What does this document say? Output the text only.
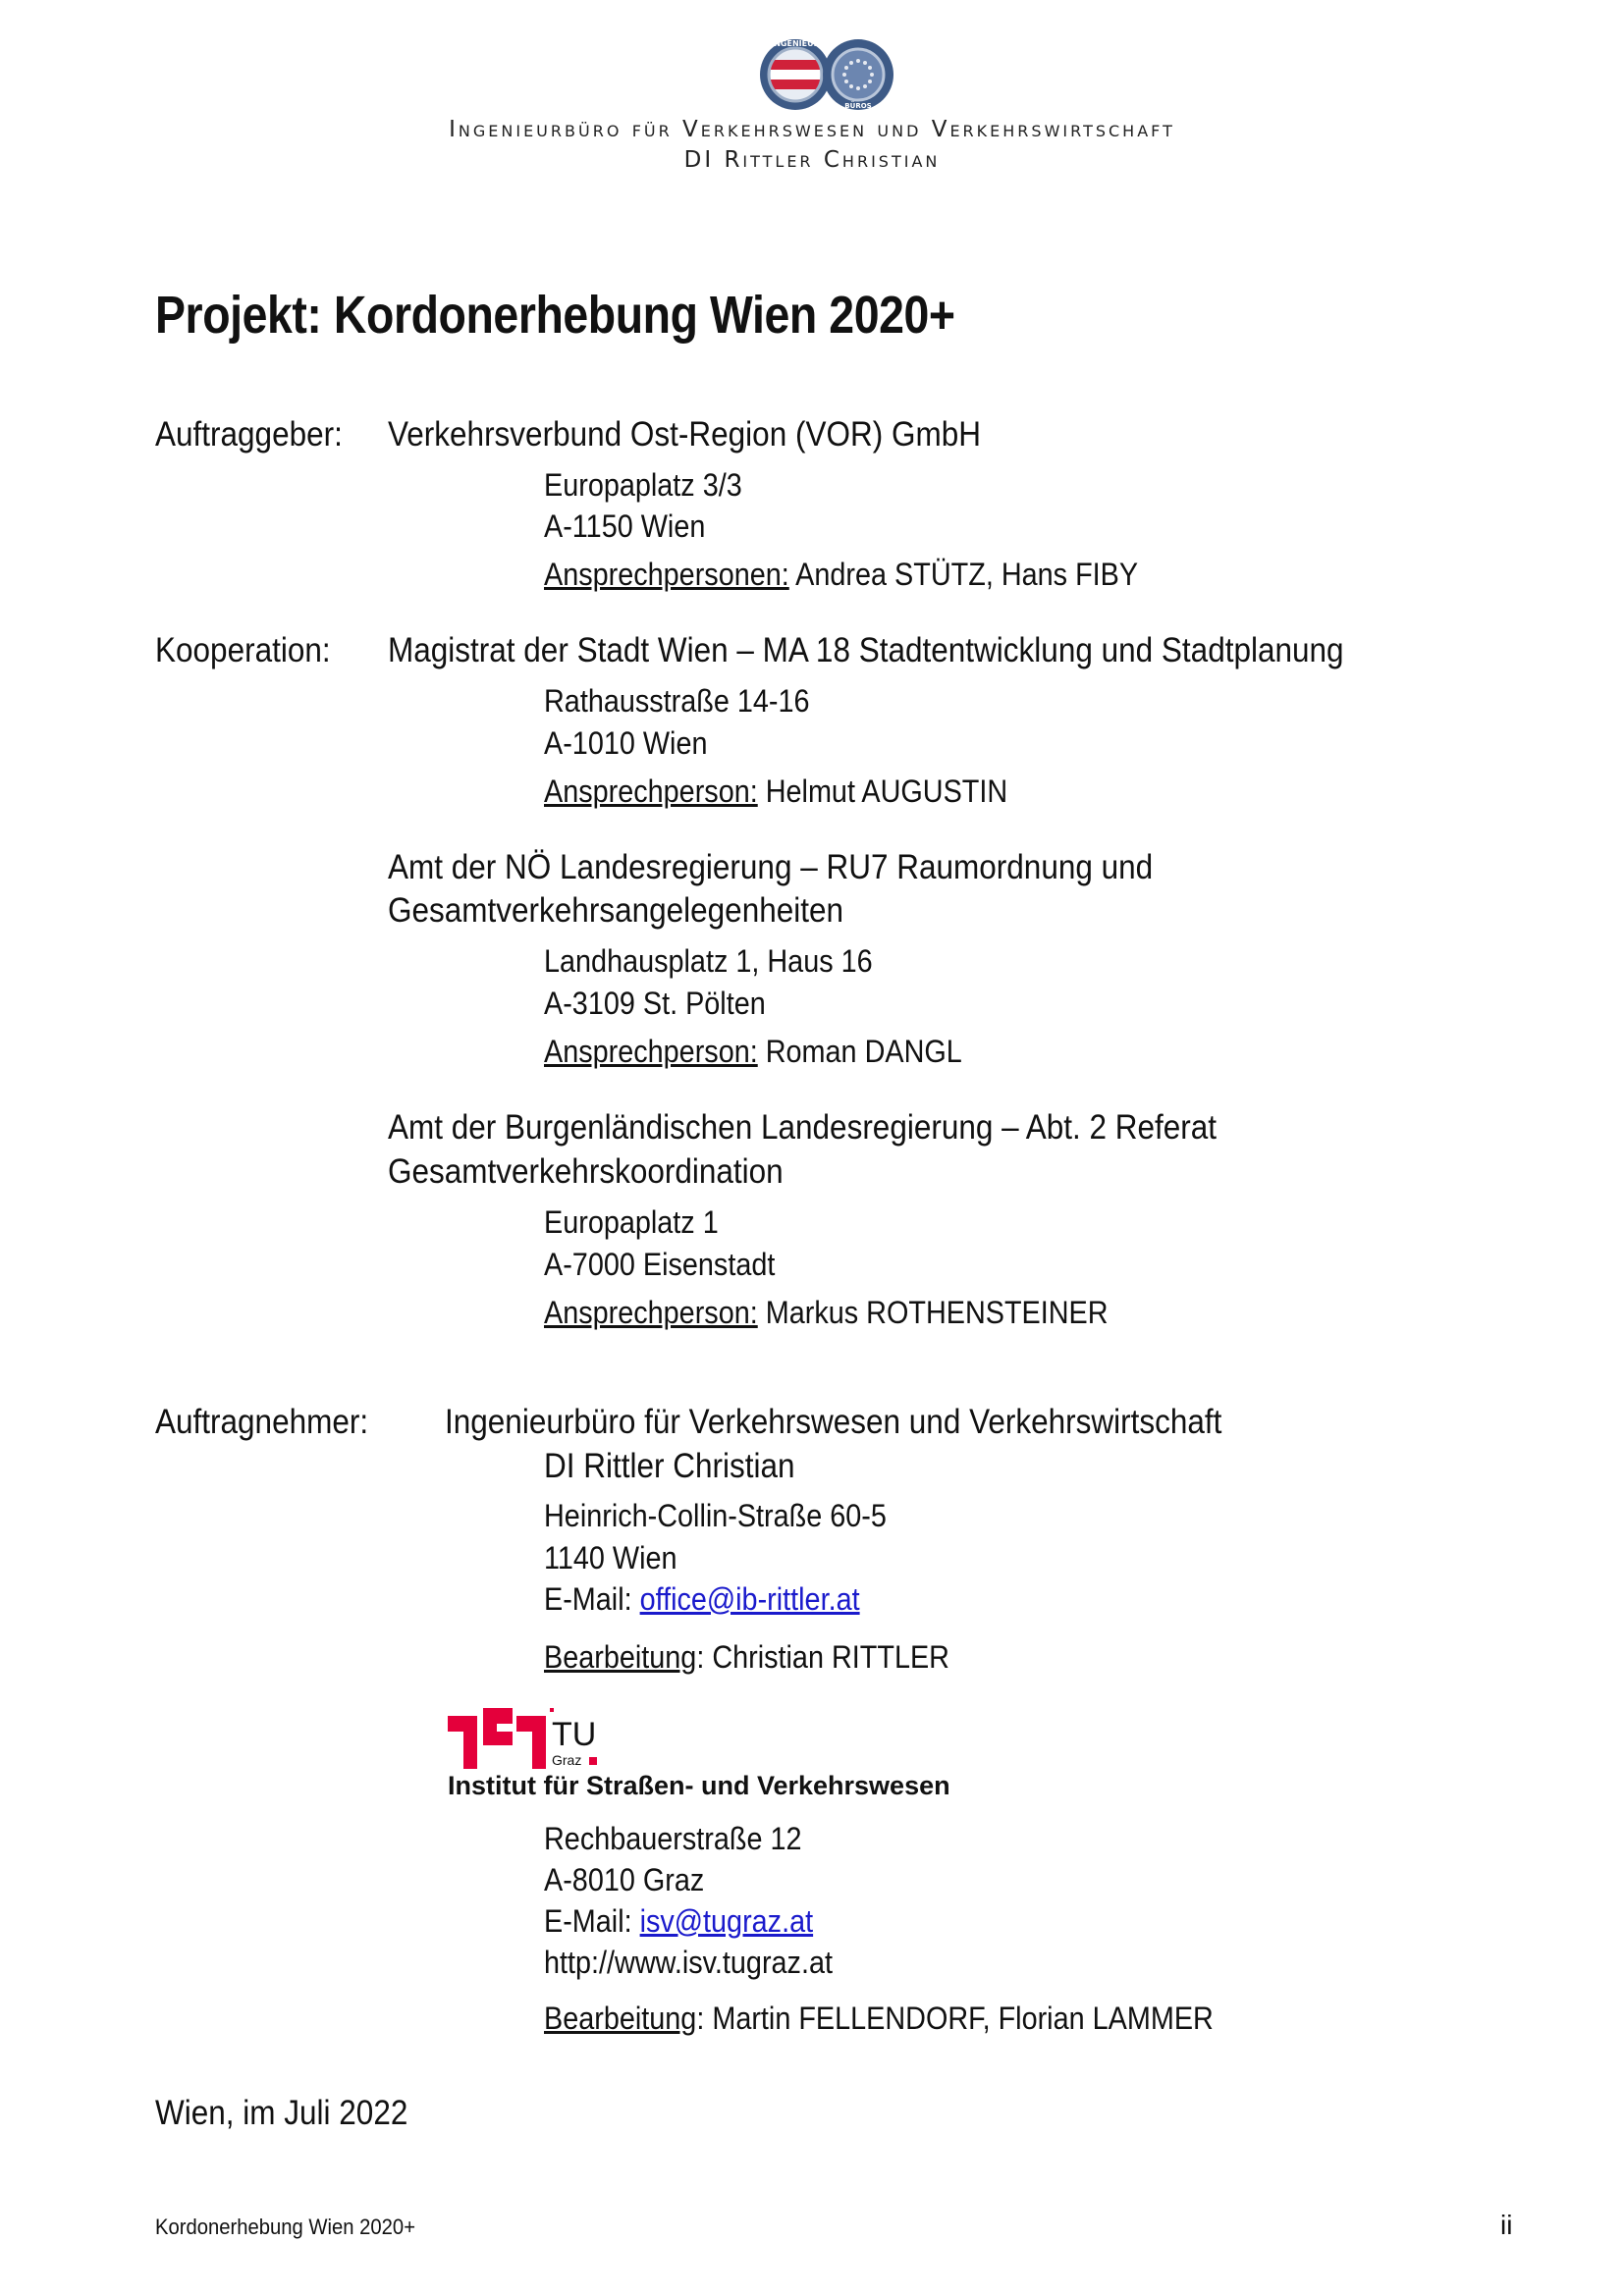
INGENIEUR
BÜROS
Ingenieurbüro für Verkehrswesen und Verkehrswirtschaft
DI Rittler Christian
Projekt: Kordonerhebung Wien 2020+
Auftraggeber: Verkehrsverbund Ost-Region (VOR) GmbH
Europaplatz 3/3
A-1150 Wien
Ansprechpersonen: Andrea STÜTZ, Hans FIBY
Kooperation: Magistrat der Stadt Wien – MA 18 Stadtentwicklung und Stadtplanung
Rathausstraße 14-16
A-1010 Wien
Ansprechperson: Helmut AUGUSTIN
Amt der NÖ Landesregierung – RU7 Raumordnung und
Gesamtverkehrsangelegenheiten
Landhausplatz 1, Haus 16
A-3109 St. Pölten
Ansprechperson: Roman DANGL
Amt der Burgenländischen Landesregierung – Abt. 2 Referat
Gesamtverkehrskoordination
Europaplatz 1
A-7000 Eisenstadt
Ansprechperson: Markus ROTHENSTEINER
Auftragnehmer: Ingenieurbüro für Verkehrswesen und Verkehrswirtschaft
DI Rittler Christian
Heinrich-Collin-Straße 60-5
1140 Wien
E-Mail: office@ib-rittler.at
Bearbeitung: Christian RITTLER
TU
Graz
Institut für Straßen- und Verkehrswesen
Rechbauerstraße 12
A-8010 Graz
E-Mail: isv@tugraz.at
http://www.isv.tugraz.at
Bearbeitung: Martin FELLENDORF, Florian LAMMER
Wien, im Juli 2022
Kordonerhebung Wien 2020+	ii
